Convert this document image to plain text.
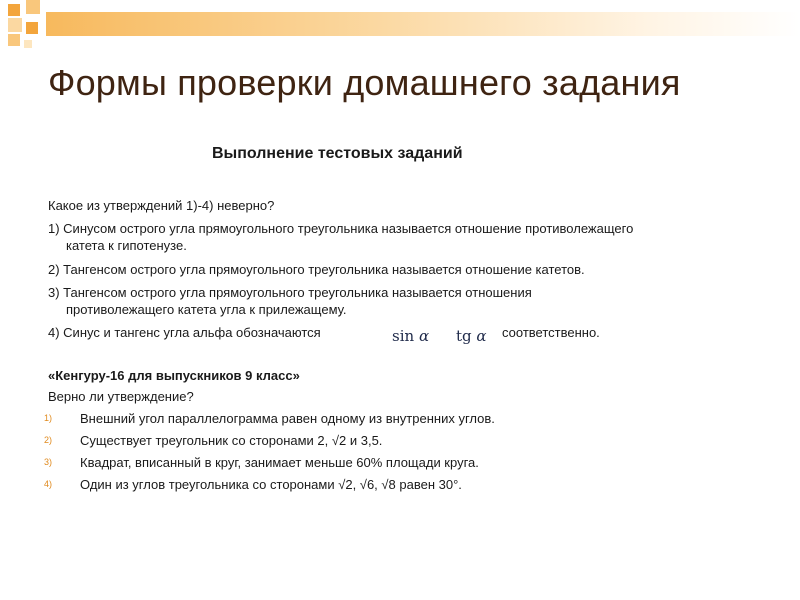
Формы проверки домашнего задания
Выполнение тестовых заданий
Какое из утверждений 1)-4) неверно?
1) Синусом острого угла прямоугольного треугольника называется отношение противолежащего
катета к гипотенузе.
2) Тангенсом острого угла прямоугольного треугольника называется отношение катетов.
3) Тангенсом острого угла прямоугольного треугольника называется отношения
противолежащего катета угла к прилежащему.
4) Синус и тангенс угла альфа обозначаются	sin α tg α соответственно.
«Кенгуру-16 для выпускников 9 класс»
Верно ли утверждение?
1) Внешний угол параллелограмма равен одному из внутренних углов.
2) Существует треугольник со сторонами 2, √2 и 3,5.
3) Квадрат, вписанный в круг, занимает меньше 60% площади круга.
4) Один из углов треугольника со сторонами √2, √6, √8 равен 30°.
